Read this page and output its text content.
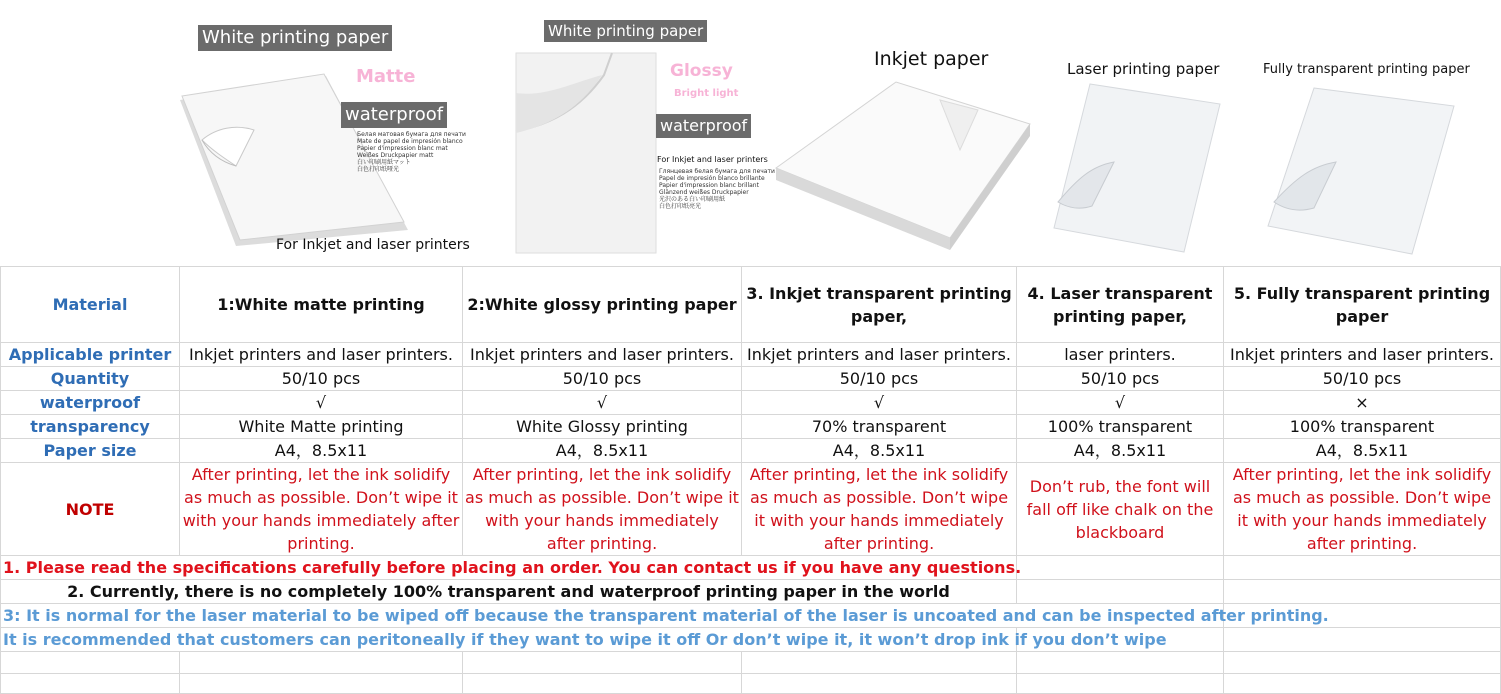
White printing paper
Matte
waterproof
Белая матовая бумага для печати
Mate de papel de impresión blanco
Papier d'impression blanc mat
Weißes Druckpapier matt
白い印刷用紙マット
白色打印纸哑光
For Inkjet and laser printers
White printing paper
Glossy
Bright light
waterproof
For Inkjet and laser printers
Глянцевая белая бумага для печати
Papel de impresión blanco brillante
Papier d'impression blanc brillant
Glänzend weißes Druckpapier
光沢のある白い印刷用紙
白色打印纸亮光
Inkjet paper	Laser printing paper	Fully transparent printing paper
Material	1:White matte printing	2:White glossy printing paper	3. Inkjet transparent printing paper,	4. Laser transparent printing paper,	5. Fully transparent printing paper
Applicable printer	Inkjet printers and laser printers.	Inkjet printers and laser printers.	Inkjet printers and laser printers.	laser printers.	Inkjet printers and laser printers.
Quantity	50/10 pcs	50/10 pcs	50/10 pcs	50/10 pcs	50/10 pcs
waterproof	√	√	√	√	×
transparency	White Matte printing	White Glossy printing	70% transparent	100% transparent	100% transparent
Paper size	A4，8.5x11	A4，8.5x11	A4，8.5x11	A4，8.5x11	A4，8.5x11
NOTE	After printing, let the ink solidify as much as possible. Don’t wipe it with your hands immediately after printing.	After printing, let the ink solidify as much as possible. Don’t wipe it with your hands immediately after printing.	After printing, let the ink solidify as much as possible. Don’t wipe it with your hands immediately after printing.	Don’t rub, the font will fall off like chalk on the blackboard	After printing, let the ink solidify as much as possible. Don’t wipe it with your hands immediately after printing.
1. Please read the specifications carefully before placing an order. You can contact us if you have any questions.					
2. Currently, there is no completely 100% transparent and waterproof printing paper in the world					
3: It is normal for the laser material to be wiped off because the transparent material of the laser is uncoated and can be inspected after printing.					
It is recommended that customers can peritoneally if they want to wipe it off Or don’t wipe it, it won’t drop ink if you don’t wipe					
